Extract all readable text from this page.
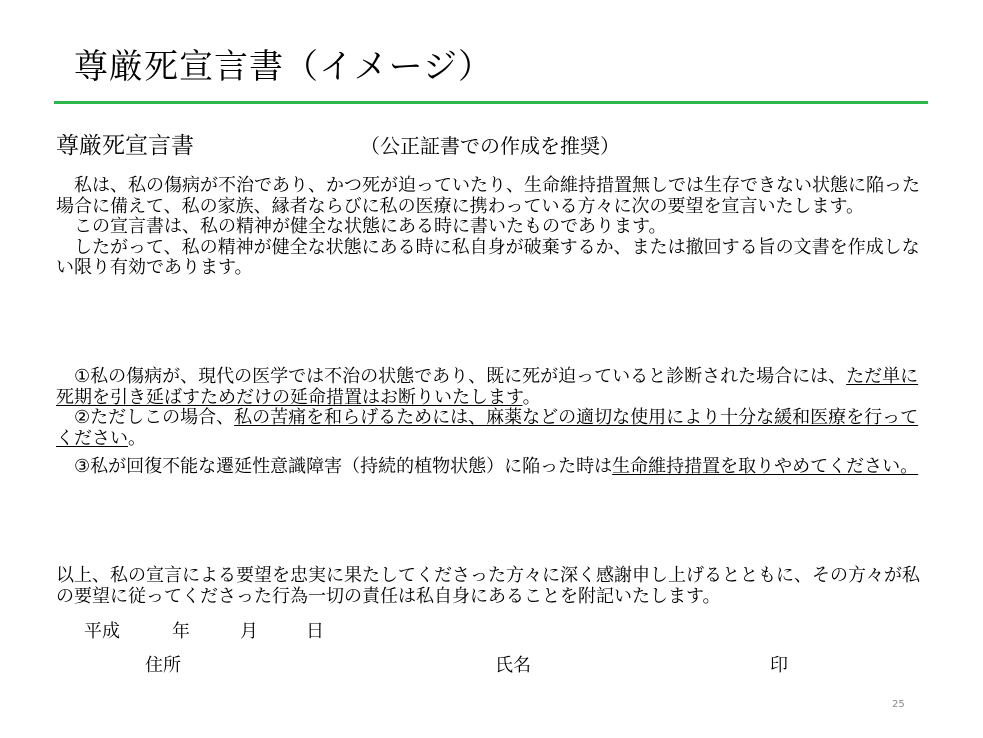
尊厳死宣言書（イメージ）
尊厳死宣言書	（公正証書での作成を推奨）

　私は、私の傷病が不治であり、かつ死が迫っていたり、生命維持措置無しでは生存できない状態に陥った場合に備えて、私の家族、縁者ならびに私の医療に携わっている方々に次の要望を宣言いたします。

　この宣言書は、私の精神が健全な状態にある時に書いたものであります。

　したがって、私の精神が健全な状態にある時に私自身が破棄するか、または撤回する旨の文書を作成しない限り有効であります。

　①私の傷病が、現代の医学では不治の状態であり、既に死が迫っていると診断された場合には、ただ単に死期を引き延ばすためだけの延命措置はお断りいたします。

　②ただしこの場合、私の苦痛を和らげるためには、麻薬などの適切な使用により十分な緩和医療を行ってください。

　③私が回復不能な遷延性意識障害（持続的植物状態）に陥った時は生命維持措置を取りやめてください。

以上、私の宣言による要望を忠実に果たしてくださった方々に深く感謝申し上げるとともに、その方々が私の要望に従ってくださった行為一切の責任は私自身にあることを附記いたします。

平成	年	月	日
住所	氏名	印
25
